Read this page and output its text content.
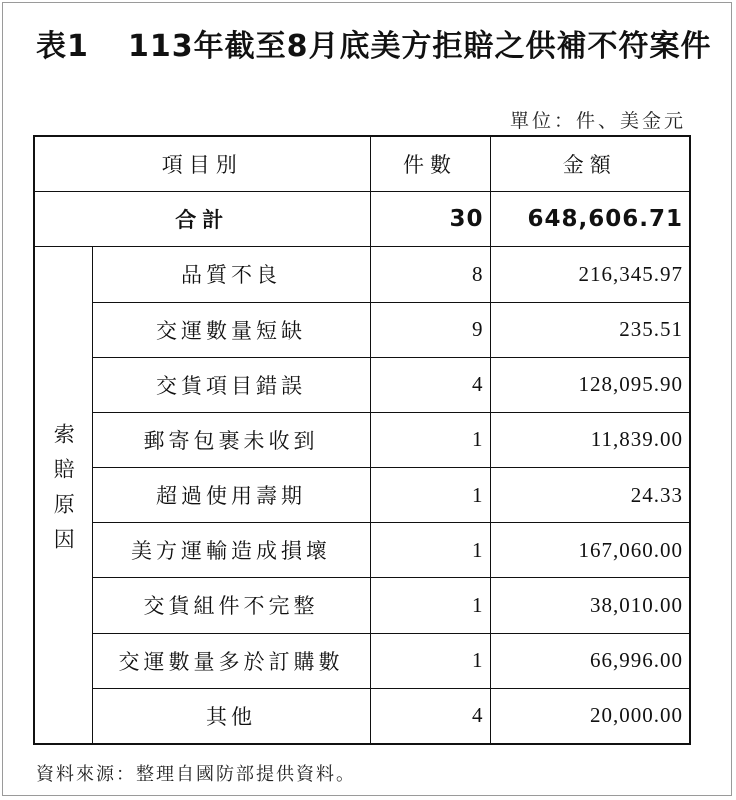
表1	113年截至8月底美方拒賠之供補不符案件
單位：件、美金元
項目別		件數	金額
合計		30	648,606.71
索賠原因	品質不良	8	216,345.97
	交運數量短缺	9	235.51
	交貨項目錯誤	4	128,095.90
	郵寄包裹未收到	1	11,839.00
	超過使用壽期	1	24.33
	美方運輸造成損壞	1	167,060.00
	交貨組件不完整	1	38,010.00
	交運數量多於訂購數	1	66,996.00
	其他	4	20,000.00
資料來源：整理自國防部提供資料。
